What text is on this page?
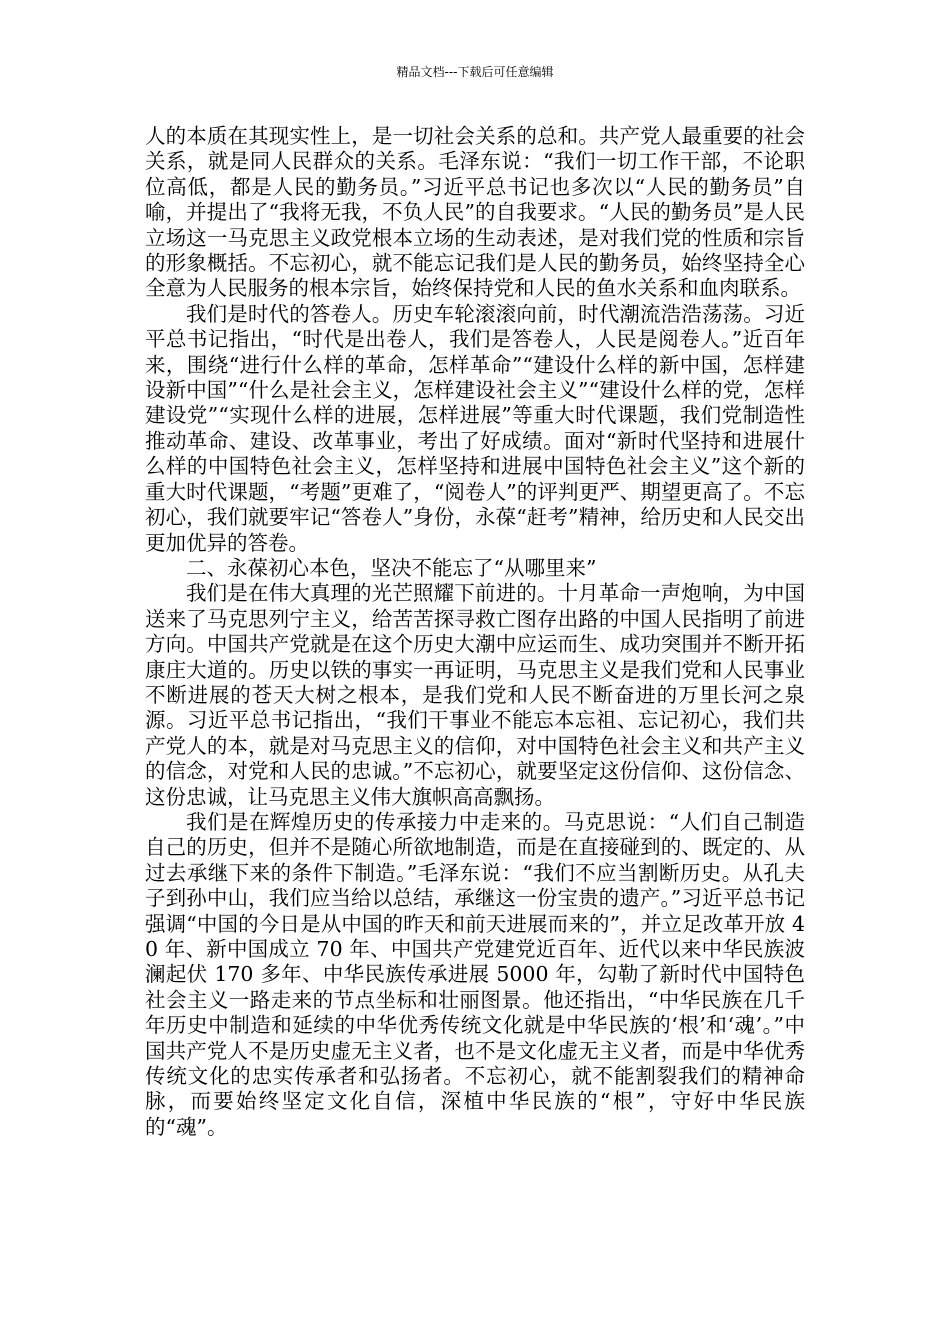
精品文档---下载后可任意编辑

人的本质在其现实性上，是一切社会关系的总和。共产党人最重要的社会关系，就是同人民群众的关系。毛泽东说：“我们一切工作干部，不论职位高低，都是人民的勤务员。”习近平总书记也多次以“人民的勤务员”自喻，并提出了“我将无我，不负人民”的自我要求。“人民的勤务员”是人民立场这一马克思主义政党根本立场的生动表述，是对我们党的性质和宗旨的形象概括。不忘初心，就不能忘记我们是人民的勤务员，始终坚持全心全意为人民服务的根本宗旨，始终保持党和人民的鱼水关系和血肉联系。

我们是时代的答卷人。历史车轮滚滚向前，时代潮流浩浩荡荡。习近平总书记指出，“时代是出卷人，我们是答卷人，人民是阅卷人。”近百年来，围绕“进行什么样的革命，怎样革命”“建设什么样的新中国，怎样建设新中国”“什么是社会主义，怎样建设社会主义”“建设什么样的党，怎样建设党”“实现什么样的进展，怎样进展”等重大时代课题，我们党制造性推动革命、建设、改革事业，考出了好成绩。面对“新时代坚持和进展什么样的中国特色社会主义，怎样坚持和进展中国特色社会主义”这个新的重大时代课题，“考题”更难了，“阅卷人”的评判更严、期望更高了。不忘初心，我们就要牢记“答卷人”身份，永葆“赶考”精神，给历史和人民交出更加优异的答卷。

二、永葆初心本色，坚决不能忘了“从哪里来”

我们是在伟大真理的光芒照耀下前进的。十月革命一声炮响，为中国送来了马克思列宁主义，给苦苦探寻救亡图存出路的中国人民指明了前进方向。中国共产党就是在这个历史大潮中应运而生、成功突围并不断开拓康庄大道的。历史以铁的事实一再证明，马克思主义是我们党和人民事业不断进展的苍天大树之根本，是我们党和人民不断奋进的万里长河之泉源。习近平总书记指出，“我们干事业不能忘本忘祖、忘记初心，我们共产党人的本，就是对马克思主义的信仰，对中国特色社会主义和共产主义的信念，对党和人民的忠诚。”不忘初心，就要坚定这份信仰、这份信念、这份忠诚，让马克思主义伟大旗帜高高飘扬。

我们是在辉煌历史的传承接力中走来的。马克思说：“人们自己制造自己的历史，但并不是随心所欲地制造，而是在直接碰到的、既定的、从过去承继下来的条件下制造。”毛泽东说：“我们不应当割断历史。从孔夫子到孙中山，我们应当给以总结，承继这一份宝贵的遗产。”习近平总书记强调“中国的今日是从中国的昨天和前天进展而来的”，并立足改革开放 40 年、新中国成立 70 年、中国共产党建党近百年、近代以来中华民族波澜起伏 170 多年、中华民族传承进展 5000 年，勾勒了新时代中国特色社会主义一路走来的节点坐标和壮丽图景。他还指出，“中华民族在几千年历史中制造和延续的中华优秀传统文化就是中华民族的‘根’和‘魂’。”中国共产党人不是历史虚无主义者，也不是文化虚无主义者，而是中华优秀传统文化的忠实传承者和弘扬者。不忘初心，就不能割裂我们的精神命脉，而要始终坚定文化自信，深植中华民族的“根”，守好中华民族的“魂”。
